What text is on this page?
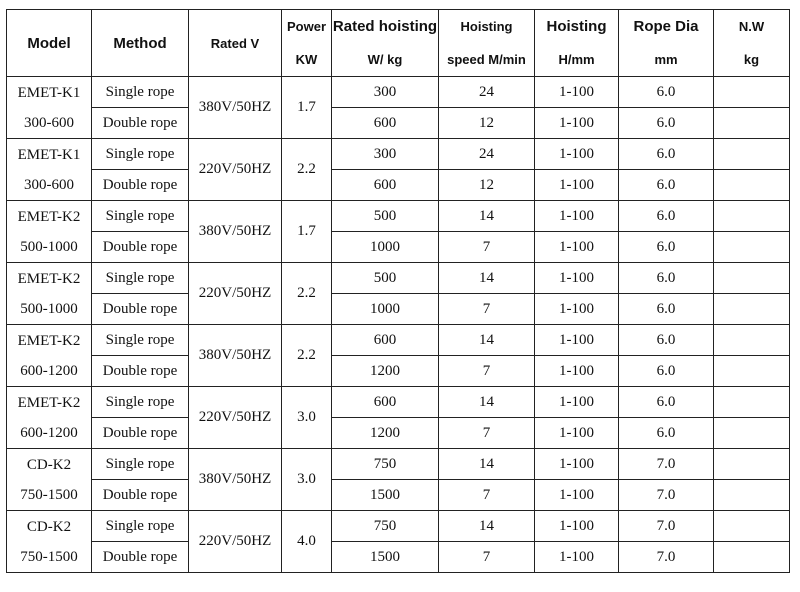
Model	Method	Rated V	Power	Rated hoisting	Hoisting	Hoisting	Rope Dia	N.W
			KW	W/ kg	speed M/min	H/mm	mm	kg

EMET-K1
300-600	Single rope	380V/50HZ	1.7	300	24	1-100	6.0	
	Double rope			600	12	1-100	6.0	

EMET-K1
300-600	Single rope	220V/50HZ	2.2	300	24	1-100	6.0	
	Double rope			600	12	1-100	6.0	

EMET-K2
500-1000	Single rope	380V/50HZ	1.7	500	14	1-100	6.0	
	Double rope			1000	7	1-100	6.0	

EMET-K2
500-1000	Single rope	220V/50HZ	2.2	500	14	1-100	6.0	
	Double rope			1000	7	1-100	6.0	

EMET-K2
600-1200	Single rope	380V/50HZ	2.2	600	14	1-100	6.0	
	Double rope			1200	7	1-100	6.0	

EMET-K2
600-1200	Single rope	220V/50HZ	3.0	600	14	1-100	6.0	
	Double rope			1200	7	1-100	6.0	

CD-K2
750-1500	Single rope	380V/50HZ	3.0	750	14	1-100	7.0	
	Double rope			1500	7	1-100	7.0	

CD-K2
750-1500	Single rope	220V/50HZ	4.0	750	14	1-100	7.0	
	Double rope			1500	7	1-100	7.0	
